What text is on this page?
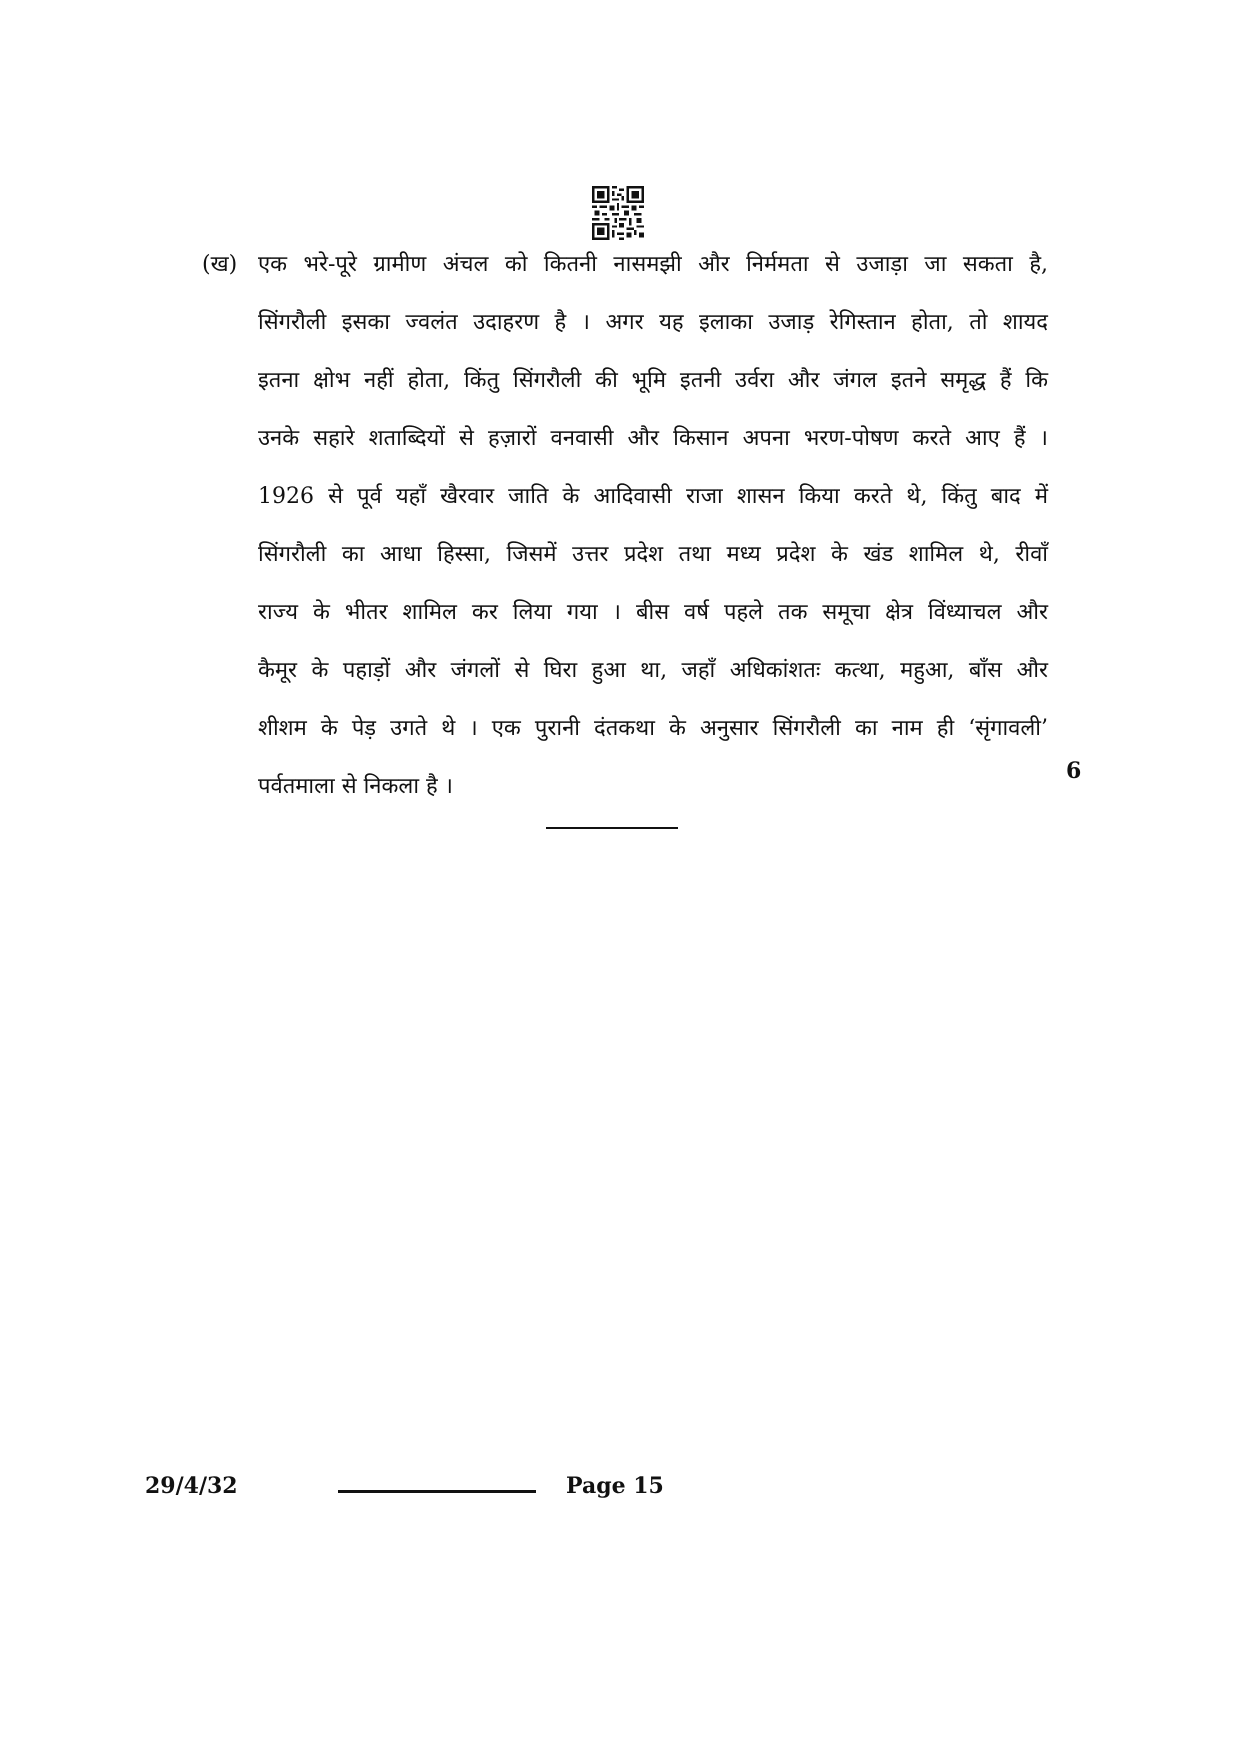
(ख) एक भरे-पूरे ग्रामीण अंचल को कितनी नासमझी और निर्ममता से उजाड़ा जा सकता है,
सिंगरौली इसका ज्वलंत उदाहरण है । अगर यह इलाका उजाड़ रेगिस्तान होता, तो शायद
इतना क्षोभ नहीं होता, किंतु सिंगरौली की भूमि इतनी उर्वरा और जंगल इतने समृद्ध हैं कि
उनके सहारे शताब्दियों से हज़ारों वनवासी और किसान अपना भरण-पोषण करते आए हैं ।
1926 से पूर्व यहाँ खैरवार जाति के आदिवासी राजा शासन किया करते थे, किंतु बाद में
सिंगरौली का आधा हिस्सा, जिसमें उत्तर प्रदेश तथा मध्य प्रदेश के खंड शामिल थे, रीवाँ
राज्य के भीतर शामिल कर लिया गया । बीस वर्ष पहले तक समूचा क्षेत्र विंध्याचल और
कैमूर के पहाड़ों और जंगलों से घिरा हुआ था, जहाँ अधिकांशतः कत्था, महुआ, बाँस और
शीशम के पेड़ उगते थे । एक पुरानी दंतकथा के अनुसार सिंगरौली का नाम ही ‘सृंगावली’
पर्वतमाला से निकला है ।
6
29/4/32	Page 15
